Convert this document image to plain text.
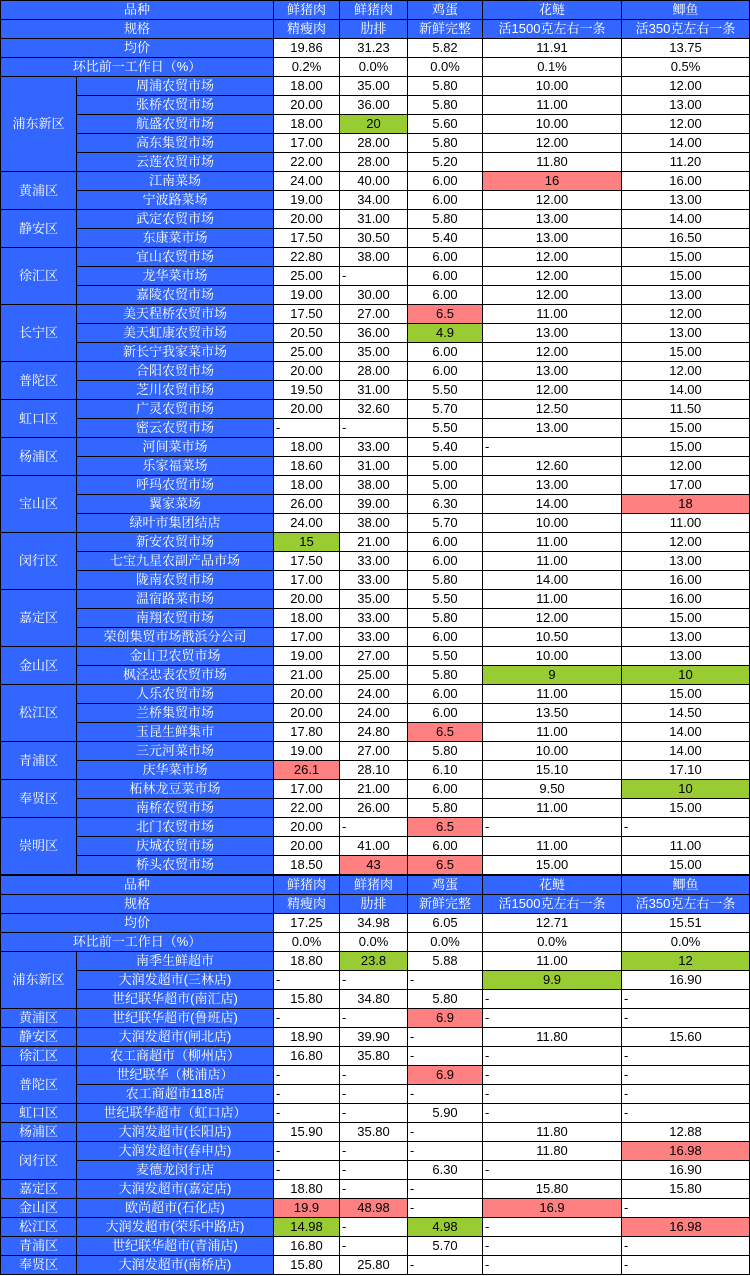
品种		鲜猪肉	鲜猪肉	鸡蛋	花鲢	鲫鱼
规格		精瘦肉	肋排	新鲜完整	活1500克左右一条	活350克左右一条
均价		19.86	31.23	5.82	11.91	13.75
环比前一工作日（%）		0.2%	0.0%	0.0%	0.1%	0.5%
浦东新区	周浦农贸市场	18.00	35.00	5.80	10.00	12.00
	张桥农贸市场	20.00	36.00	5.80	11.00	13.00
	航盛农贸市场	18.00	20	5.60	10.00	12.00
	高东集贸市场	17.00	28.00	5.80	12.00	14.00
	云莲农贸市场	22.00	28.00	5.20	11.80	11.20
黄浦区	江南菜场	24.00	40.00	6.00	16	16.00
	宁波路菜场	19.00	34.00	6.00	12.00	13.00
静安区	武定农贸市场	20.00	31.00	5.80	13.00	14.00
	东康菜市场	17.50	30.50	5.40	13.00	16.50
徐汇区	宜山农贸市场	22.80	38.00	6.00	12.00	15.00
	龙华菜市场	25.00	-	6.00	12.00	15.00
	嘉陵农贸市场	19.00	30.00	6.00	12.00	13.00
长宁区	美天程桥农贸市场	17.50	27.00	6.5	11.00	12.00
	美天虹康农贸市场	20.50	36.00	4.9	13.00	13.00
	新长宁我家菜市场	25.00	35.00	6.00	12.00	15.00
普陀区	合阳农贸市场	20.00	28.00	6.00	13.00	12.00
	芝川农贸市场	19.50	31.00	5.50	12.00	14.00
虹口区	广灵农贸市场	20.00	32.60	5.70	12.50	11.50
	密云农贸市场	-	-	5.50	13.00	15.00
杨浦区	河间菜市场	18.00	33.00	5.40	-	15.00
	乐家福菜场	18.60	31.00	5.00	12.60	12.00
宝山区	呼玛农贸市场	18.00	38.00	5.00	13.00	17.00
	翼家菜场	26.00	39.00	6.30	14.00	18
	绿叶市集团结店	24.00	38.00	5.70	10.00	11.00
闵行区	新安农贸市场	15	21.00	6.00	11.00	12.00
	七宝九星农副产品市场	17.50	33.00	6.00	11.00	13.00
	陇南农贸市场	17.00	33.00	5.80	14.00	16.00
嘉定区	温宿路菜市场	20.00	35.00	5.50	11.00	16.00
	南翔农贸市场	18.00	33.00	5.80	12.00	15.00
	荣创集贸市场戬浜分公司	17.00	33.00	6.00	10.50	13.00
金山区	金山卫农贸市场	19.00	27.00	5.50	10.00	13.00
	枫泾忠表农贸市场	21.00	25.00	5.80	9	10
松江区	人乐农贸市场	20.00	24.00	6.00	11.00	15.00
	兰桥集贸市场	20.00	24.00	6.00	13.50	14.50
	玉昆生鲜集市	17.80	24.80	6.5	11.00	14.00
青浦区	三元河菜市场	19.00	27.00	5.80	10.00	14.00
	庆华菜市场	26.1	28.10	6.10	15.10	17.10
奉贤区	柘林龙豆菜市场	17.00	21.00	6.00	9.50	10
	南桥农贸市场	22.00	26.00	5.80	11.00	15.00
崇明区	北门农贸市场	20.00	-	6.5	-	-
	庆城农贸市场	20.00	41.00	6.00	11.00	11.00
	桥头农贸市场	18.50	43	6.5	15.00	15.00
品种		鲜猪肉	鲜猪肉	鸡蛋	花鲢	鲫鱼
规格		精瘦肉	肋排	新鲜完整	活1500克左右一条	活350克左右一条
均价		17.25	34.98	6.05	12.71	15.51
环比前一工作日（%）		0.0%	0.0%	0.0%	0.0%	0.0%
浦东新区	南季生鲜超市	18.80	23.8	5.88	11.00	12
	大润发超市(三林店)	-	-	-	9.9	16.90
	世纪联华超市(南汇店)	15.80	34.80	5.80	-	-
黄浦区	世纪联华超市(鲁班店)	-	-	6.9	-	-
静安区	大润发超市(闸北店)	18.90	39.90	-	11.80	15.60
徐汇区	农工商超市（柳州店）	16.80	35.80	-	-	-
普陀区	世纪联华（桃浦店）	-	-	6.9	-	-
	农工商超市118店	-	-	-	-	-
虹口区	世纪联华超市（虹口店）	-	-	5.90	-	-
杨浦区	大润发超市(长阳店)	15.90	35.80	-	11.80	12.88
闵行区	大润发超市(春申店)	-	-	-	11.80	16.98
	麦德龙闵行店	-	-	6.30	-	16.90
嘉定区	大润发超市(嘉定店)	18.80	-	-	15.80	15.80
金山区	欧尚超市(石化店)	19.9	48.98	-	16.9	-
松江区	大润发超市(荣乐中路店)	14.98	-	4.98	-	16.98
青浦区	世纪联华超市(青浦店)	16.80	-	5.70	-	-
奉贤区	大润发超市(南桥店)	15.80	25.80	-	-	-
